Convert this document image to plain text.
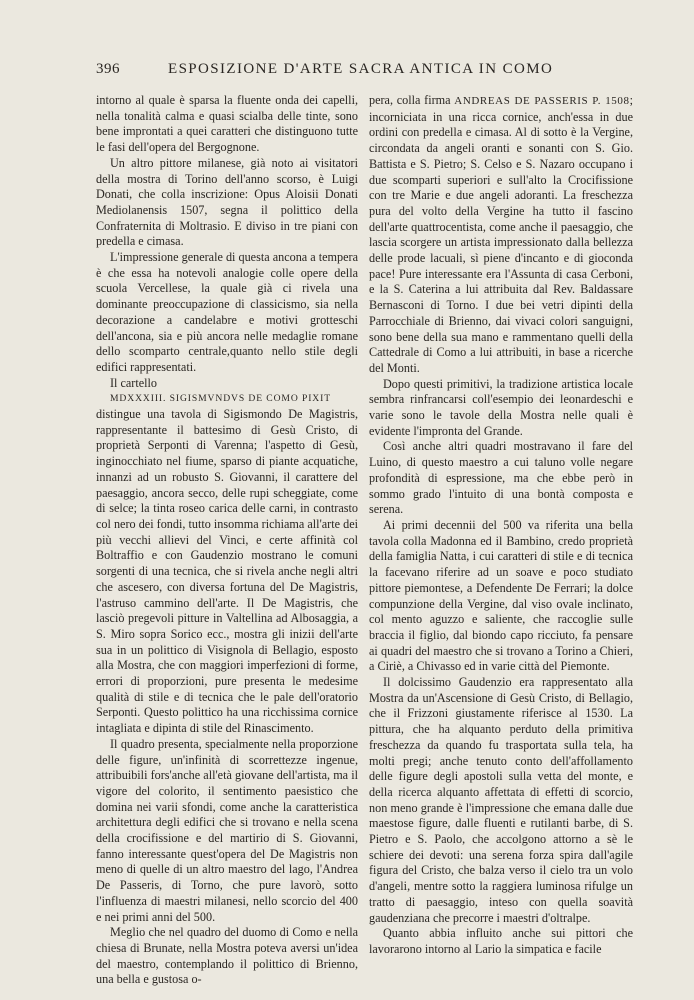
396	ESPOSIZIONE D'ARTE SACRA ANTICA IN COMO

intorno al quale è sparsa la fluente onda dei capelli, nella tonalità calma e quasi scialba delle tinte, sono bene improntati a quei caratteri che distinguono tutte le fasi dell'opera del Bergognone.

Un altro pittore milanese, già noto ai visitatori della mostra di Torino dell'anno scorso, è Luigi Donati, che colla inscrizione: Opus Aloisii Donati Mediolanensis 1507, segna il polittico della Confraternita di Moltrasio. E diviso in tre piani con predella e cimasa.

L'impressione generale di questa ancona a tempera è che essa ha notevoli analogie colle opere della scuola Vercellese, la quale già ci rivela una dominante preoccupazione di classicismo, sia nella decorazione a candelabre e motivi grotteschi dell'ancona, sia e più ancora nelle medaglie romane dello scomparto centrale,quanto nello stile degli edifici rappresentati.

Il cartello

MDXXXIII. SIGISMVNDVS DE COMO PIXIT

distingue una tavola di Sigismondo De Magistris, rappresentante il battesimo di Gesù Cristo, di proprietà Serponti di Varenna; l'aspetto di Gesù, inginocchiato nel fiume, sparso di piante acquatiche, innanzi ad un robusto S. Giovanni, il carattere del paesaggio, ancora secco, delle rupi scheggiate, come di selce; la tinta roseo carica delle carni, in contrasto col nero dei fondi, tutto insomma richiama all'arte dei più vecchi allievi del Vinci, e certe affinità col Boltraffio e con Gaudenzio mostrano le comuni sorgenti di una tecnica, che si rivela anche negli altri che ascesero, con diversa fortuna del De Magistris, l'astruso cammino dell'arte. Il De Magistris, che lasciò pregevoli pitture in Valtellina ad Albosaggia, a S. Miro sopra Sorico ecc., mostra gli inizii dell'arte sua in un polittico di Visignola di Bellagio, esposto alla Mostra, che con maggiori imperfezioni di forme, errori di proporzioni, pure presenta le medesime qualità di stile e di tecnica che le pale dell'oratorio Serponti. Questo polittico ha una ricchissima cornice intagliata e dipinta di stile del Rinascimento.

Il quadro presenta, specialmente nella proporzione delle figure, un'infinità di scorrettezze ingenue, attribuibili fors'anche all'età giovane dell'artista, ma il vigore del colorito, il sentimento paesistico che domina nei varii sfondi, come anche la caratteristica architettura degli edifici che si trovano e nella scena della crocifissione e del martirio di S. Giovanni, fanno interessante quest'opera del De Magistris non meno di quelle di un altro maestro del lago, l'Andrea De Passeris, di Torno, che pure lavorò, sotto l'influenza di maestri milanesi, nello scorcio del 400 e nei primi anni del 500.

Meglio che nel quadro del duomo di Como e nella chiesa di Brunate, nella Mostra poteva aversi un'idea del maestro, contemplando il polittico di Brienno, una bella e gustosa o-

pera, colla firma ANDREAS DE PASSERIS P. 1508; incorniciata in una ricca cornice, anch'essa in due ordini con predella e cimasa. Al di sotto è la Vergine, circondata da angeli oranti e sonanti con S. Gio. Battista e S. Pietro; S. Celso e S. Nazaro occupano i due scomparti superiori e sull'alto la Crocifissione con tre Marie e due angeli adoranti. La freschezza pura del volto della Vergine ha tutto il fascino dell'arte quattrocentista, come anche il paesaggio, che lascia scorgere un artista impressionato dalla bellezza delle prode lacuali, sì piene d'incanto e di gioconda pace! Pure interessante era l'Assunta di casa Cerboni, e la S. Caterina a lui attribuita dal Rev. Baldassare Bernasconi di Torno. I due bei vetri dipinti della Parrocchiale di Brienno, dai vivaci colori sanguigni, sono bene della sua mano e rammentano quelli della Cattedrale di Como a lui attribuiti, in base a ricerche del Monti.

Dopo questi primitivi, la tradizione artistica locale sembra rinfrancarsi coll'esempio dei leonardeschi e varie sono le tavole della Mostra nelle quali è evidente l'impronta del Grande.

Così anche altri quadri mostravano il fare del Luino, di questo maestro a cui taluno volle negare profondità di espressione, ma che ebbe però in sommo grado l'intuito di una bontà composta e serena.

Ai primi decennii del 500 va riferita una bella tavola colla Madonna ed il Bambino, credo proprietà della famiglia Natta, i cui caratteri di stile e di tecnica la facevano riferire ad un soave e poco studiato pittore piemontese, a Defendente De Ferrari; la dolce compunzione della Vergine, dal viso ovale inclinato, col mento aguzzo e saliente, che raccoglie sulle braccia il figlio, dal biondo capo ricciuto, fa pensare ai quadri del maestro che si trovano a Torino a Chieri, a Ciriè, a Chivasso ed in varie città del Piemonte.

Il dolcissimo Gaudenzio era rappresentato alla Mostra da un'Ascensione di Gesù Cristo, di Bellagio, che il Frizzoni giustamente riferisce al 1530. La pittura, che ha alquanto perduto della primitiva freschezza da quando fu trasportata sulla tela, ha molti pregi; anche tenuto conto dell'affollamento delle figure degli apostoli sulla vetta del monte, e della ricerca alquanto affettata di effetti di scorcio, non meno grande è l'impressione che emana dalle due maestose figure, dalle fluenti e rutilanti barbe, di S. Pietro e S. Paolo, che accolgono attorno a sè le schiere dei devoti: una serena forza spira dall'agile figura del Cristo, che balza verso il cielo tra un volo d'angeli, mentre sotto la raggiera luminosa rifulge un tratto di paesaggio, inteso con quella soavità gaudenziana che precorre i maestri d'oltralpe.

Quanto abbia influito anche sui pittori che lavorarono intorno al Lario la simpatica e facile
